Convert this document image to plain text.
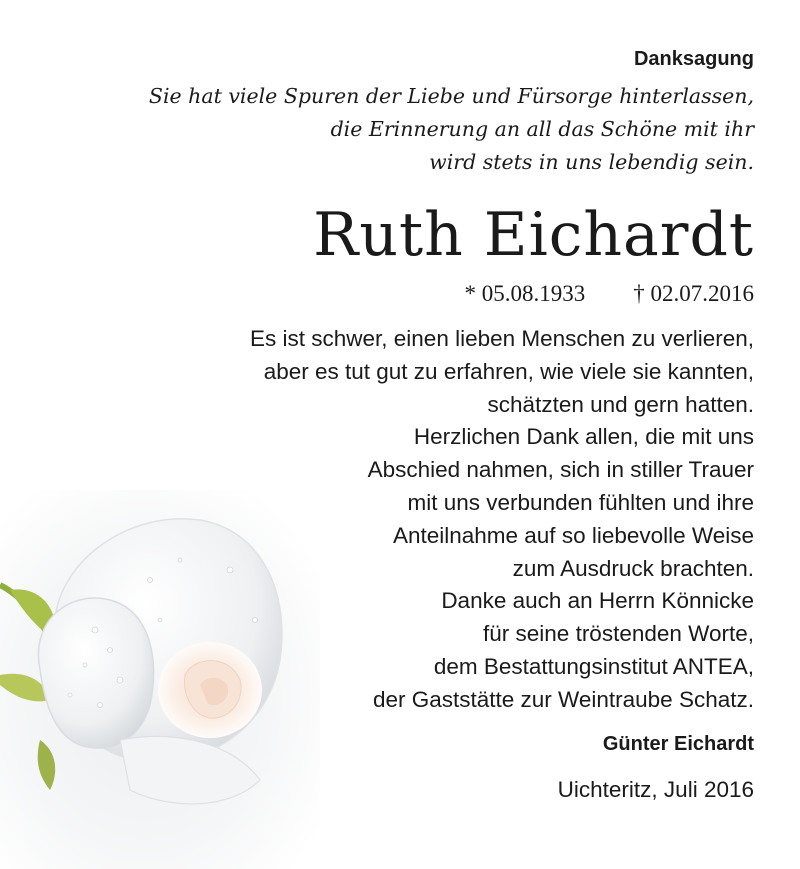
Danksagung
Sie hat viele Spuren der Liebe und Fürsorge hinterlassen,
die Erinnerung an all das Schöne mit ihr
wird stets in uns lebendig sein.
Ruth Eichardt
* 05.08.1933 † 02.07.2016
Es ist schwer, einen lieben Menschen zu verlieren,
aber es tut gut zu erfahren, wie viele sie kannten,
schätzten und gern hatten.
Herzlichen Dank allen, die mit uns
Abschied nahmen, sich in stiller Trauer
mit uns verbunden fühlten und ihre
Anteilnahme auf so liebevolle Weise
zum Ausdruck brachten.
Danke auch an Herrn Könnicke
für seine tröstenden Worte,
dem Bestattungsinstitut ANTEA,
der Gaststätte zur Weintraube Schatz.
Günter Eichardt
Uichteritz, Juli 2016
